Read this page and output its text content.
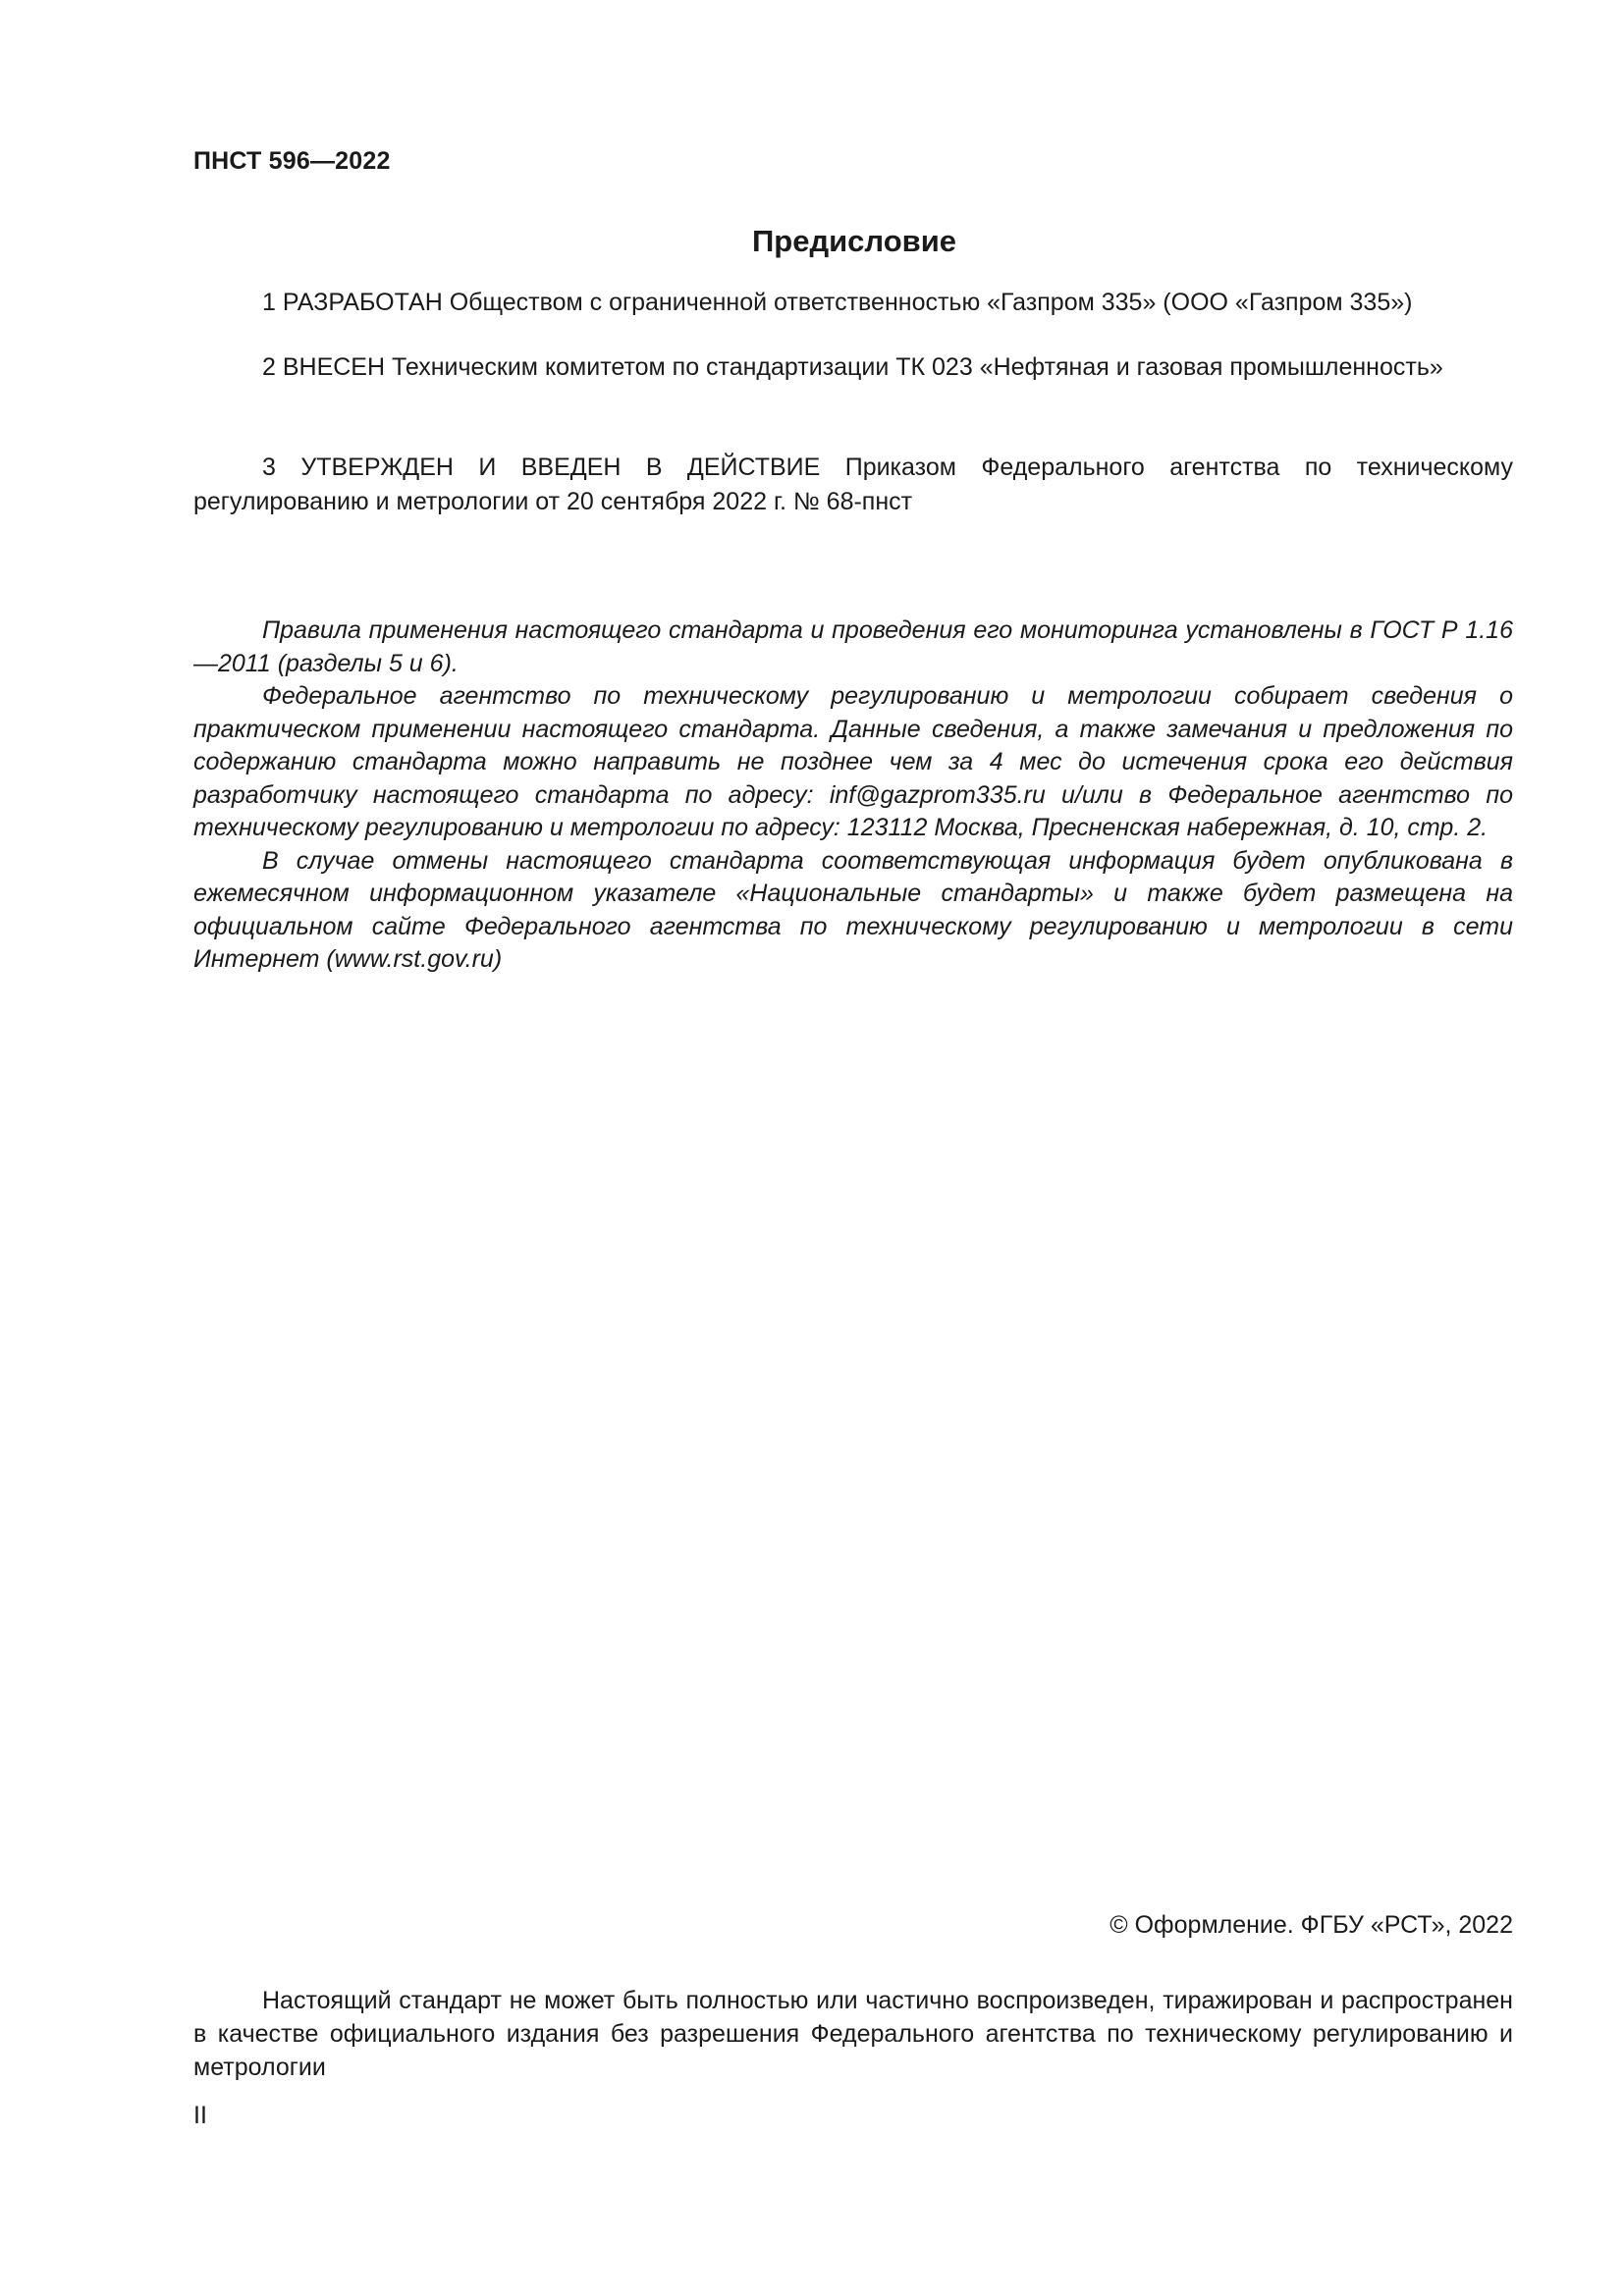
ПНСТ 596—2022
Предисловие

1 РАЗРАБОТАН Обществом с ограниченной ответственностью «Газпром 335» (ООО «Газпром 335»)

2 ВНЕСЕН Техническим комитетом по стандартизации ТК 023 «Нефтяная и газовая промышленность»

3 УТВЕРЖДЕН И ВВЕДЕН В ДЕЙСТВИЕ Приказом Федерального агентства по техническому регулированию и метрологии от 20 сентября 2022 г. № 68-пнст

Правила применения настоящего стандарта и проведения его мониторинга установлены в ГОСТ Р 1.16—2011 (разделы 5 и 6).

Федеральное агентство по техническому регулированию и метрологии собирает сведения о практическом применении настоящего стандарта. Данные сведения, а также замечания и предложения по содержанию стандарта можно направить не позднее чем за 4 мес до истечения срока его действия разработчику настоящего стандарта по адресу: inf@gazprom335.ru и/или в Федеральное агентство по техническому регулированию и метрологии по адресу: 123112 Москва, Пресненская набережная, д. 10, стр. 2.

В случае отмены настоящего стандарта соответствующая информация будет опубликована в ежемесячном информационном указателе «Национальные стандарты» и также будет размещена на официальном сайте Федерального агентства по техническому регулированию и метрологии в сети Интернет (www.rst.gov.ru)

© Оформление. ФГБУ «РСТ», 2022

Настоящий стандарт не может быть полностью или частично воспроизведен, тиражирован и распространен в качестве официального издания без разрешения Федерального агентства по техническому регулированию и метрологии

II
